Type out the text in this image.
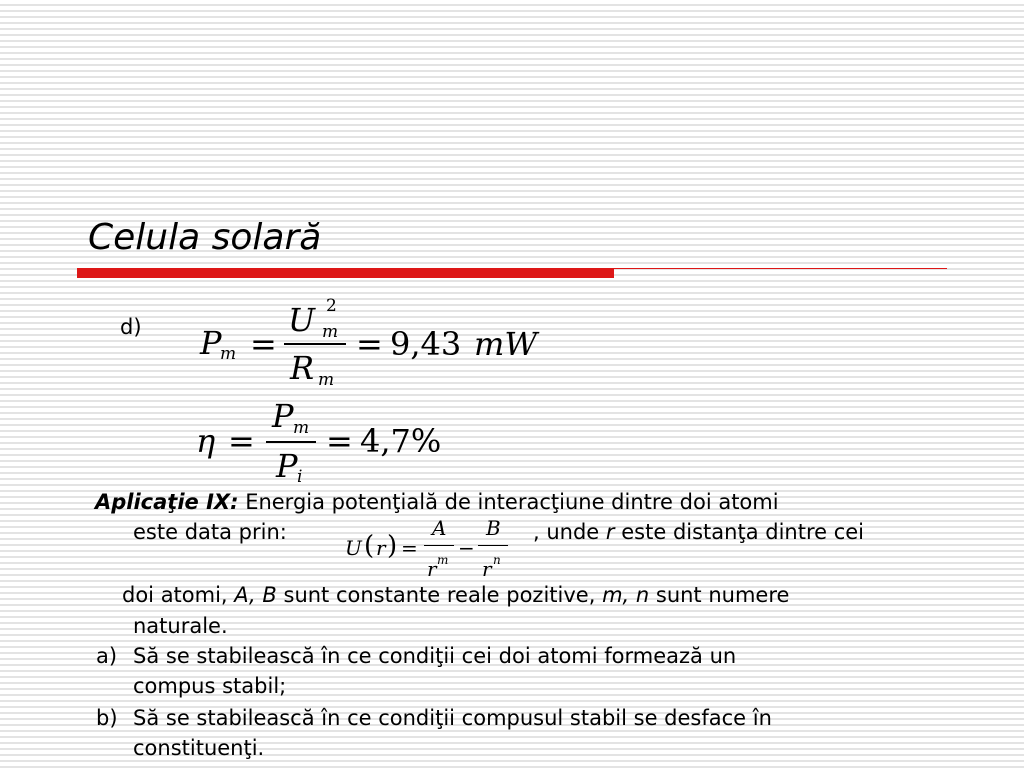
Celula solară
d) P
m =
U 2
m
R m
= 9,43 mW
η =
P m
P i
= 4,7%
Aplicaţie IX: Energia potenţială de interacţiune dintre doi atomi
este data prin:
U ( r ) =
A
r m −
B
r n
, unde r este distanţa dintre cei
doi atomi, A, B sunt constante reale pozitive, m, n sunt numere
naturale.
a) Să se stabilească în ce condiţii cei doi atomi formează un
compus stabil;
b) Să se stabilească în ce condiţii compusul stabil se desface în
constituenţi.
